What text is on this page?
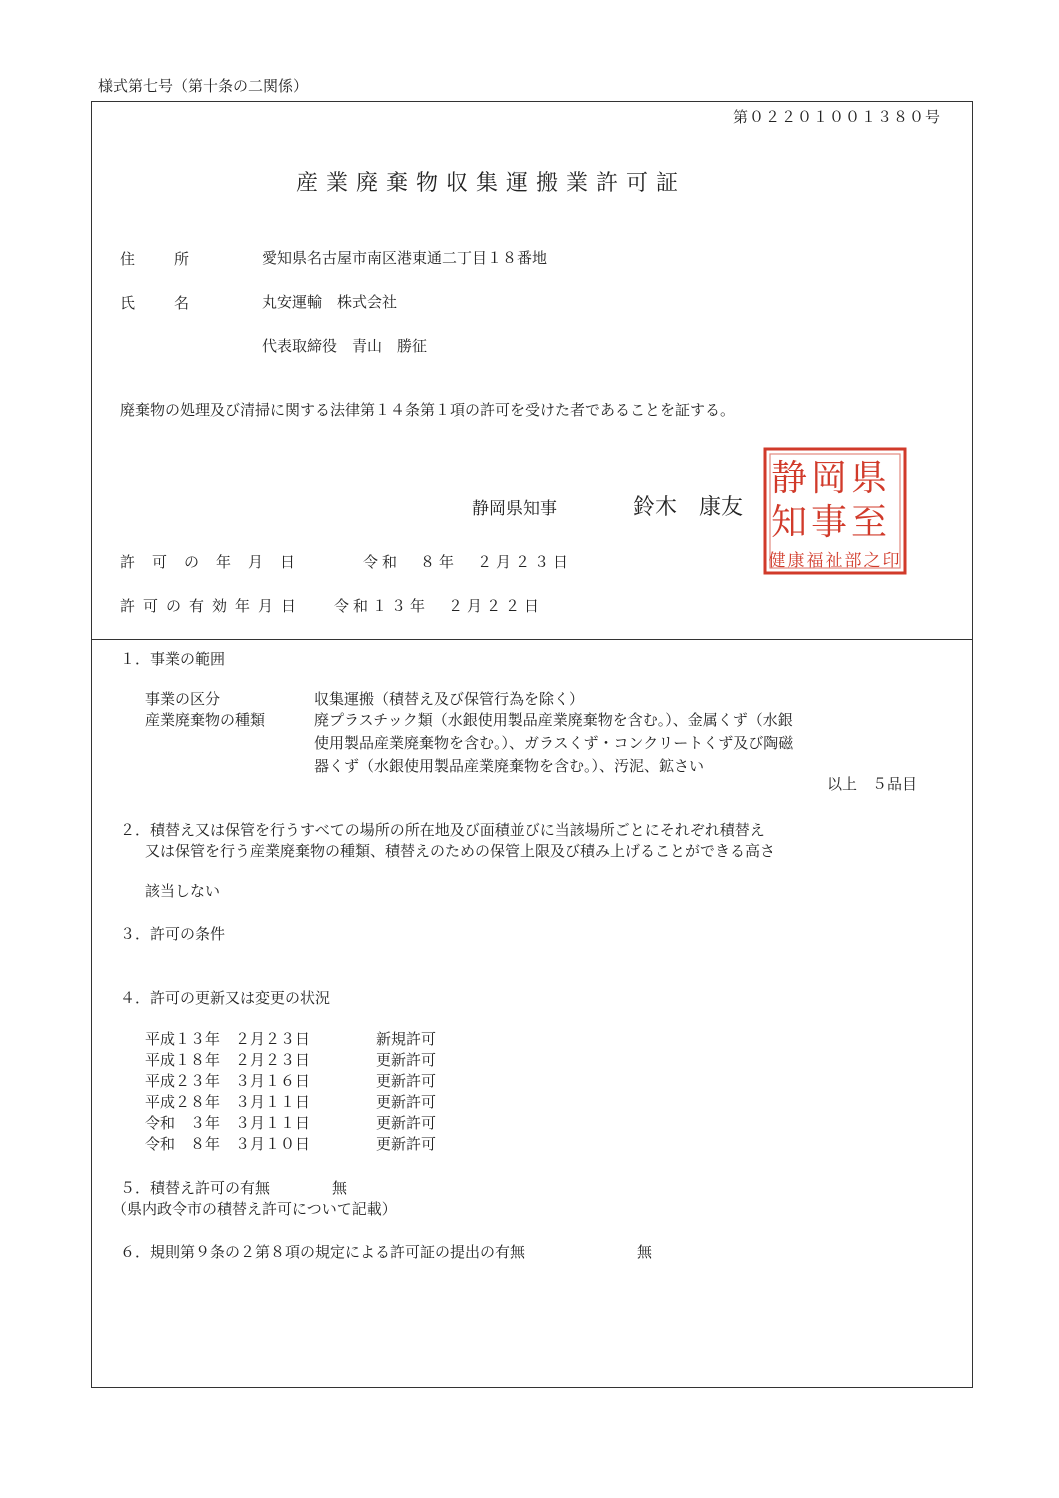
様式第七号（第十条の二関係）
第０２２０１００１３８０号
産業廃棄物収集運搬業許可証
住　所	愛知県名古屋市南区港東通二丁目１８番地
氏　名	丸安運輸　株式会社
代表取締役　青山　勝征
廃棄物の処理及び清掃に関する法律第１４条第１項の許可を受けた者であることを証する。
静岡県知事	鈴木　康友
県
岡
静
至
事
知
健康福祉部之印
許可の年月日	令和　８年　２月２３日
許可の有効年月日 令和１３年　２月２２日
１．事業の範囲
事業の区分	収集運搬（積替え及び保管行為を除く）
産業廃棄物の種類	廃プラスチック類（水銀使用製品産業廃棄物を含む。）、金属くず（水銀
使用製品産業廃棄物を含む。）、ガラスくず・コンクリートくず及び陶磁
器くず（水銀使用製品産業廃棄物を含む。）、汚泥、鉱さい
以上　５品目
２．積替え又は保管を行うすべての場所の所在地及び面積並びに当該場所ごとにそれぞれ積替え
又は保管を行う産業廃棄物の種類、積替えのための保管上限及び積み上げることができる高さ
該当しない
３．許可の条件
４．許可の更新又は変更の状況
平成１３年　２月２３日	新規許可
平成１８年　２月２３日	更新許可
平成２３年　３月１６日	更新許可
平成２８年　３月１１日	更新許可
令和　３年　３月１１日	更新許可
令和　８年　３月１０日	更新許可
５．積替え許可の有無	無
（県内政令市の積替え許可について記載）
６．規則第９条の２第８項の規定による許可証の提出の有無	無
